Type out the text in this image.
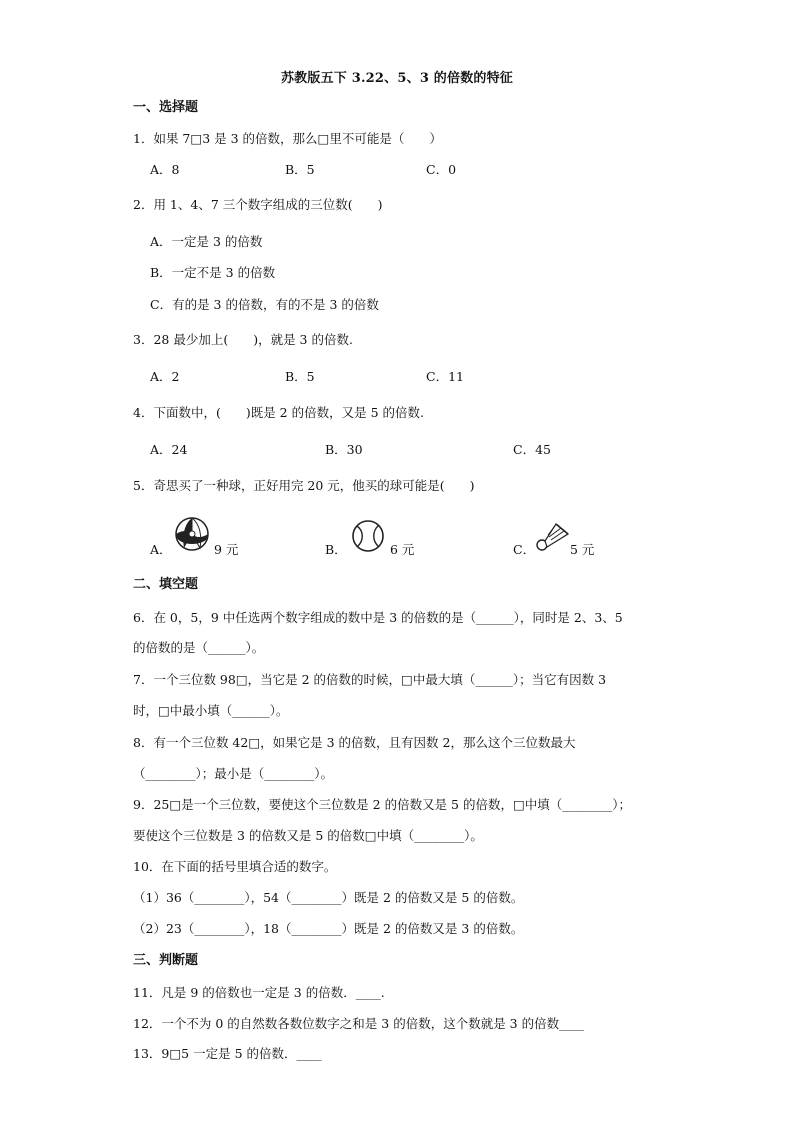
苏教版五下 3.22、5、3 的倍数的特征
一、选择题
1．如果 7□3 是 3 的倍数，那么□里不可能是（　　）
A．8	B．5	C．0
2．用 1、4、7 三个数字组成的三位数(　　)
A．一定是 3 的倍数
B．一定不是 3 的倍数
C．有的是 3 的倍数，有的不是 3 的倍数
3．28 最少加上(　　)，就是 3 的倍数.
A．2	B．5	C．11
4．下面数中，(　　)既是 2 的倍数，又是 5 的倍数.
A．24	B．30	C．45
5．奇思买了一种球，正好用完 20 元，他买的球可能是(　　)
A．	9 元	B．	6 元	C．	5 元
二、填空题
6．在 0，5，9 中任选两个数字组成的数中是 3 的倍数的是（______），同时是 2、3、5
的倍数的是（______）。
7．一个三位数 98□，当它是 2 的倍数的时候，□中最大填（______）；当它有因数 3
时，□中最小填（______）。
8．有一个三位数 42□，如果它是 3 的倍数，且有因数 2，那么这个三位数最大
（________）；最小是（________）。
9．25□是一个三位数，要使这个三位数是 2 的倍数又是 5 的倍数，□中填（________）；
要使这个三位数是 3 的倍数又是 5 的倍数□中填（________）。
10．在下面的括号里填合适的数字。
（1）36（________），54（________）既是 2 的倍数又是 5 的倍数。
（2）23（________），18（________）既是 2 的倍数又是 3 的倍数。
三、判断题
11．凡是 9 的倍数也一定是 3 的倍数．____.
12．一个不为 0 的自然数各数位数字之和是 3 的倍数，这个数就是 3 的倍数____
13．9□5 一定是 5 的倍数．____
